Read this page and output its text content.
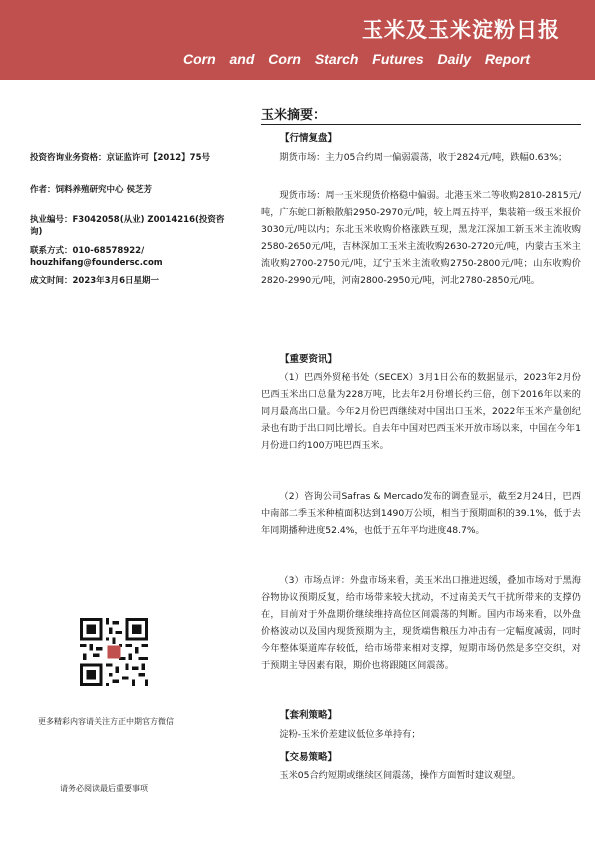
玉米及玉米淀粉日报
Corn and Corn Starch Futures Daily Report
投资咨询业务资格：京证监许可【2012】75号
作者：饲料养殖研究中心 侯芝芳
执业编号：F3042058(从业) Z0014216(投资咨询)
联系方式：010-68578922/ houzhifang@foundersc.com
成文时间：2023年3月6日星期一
更多精彩内容请关注方正中期官方微信
请务必阅读最后重要事项
玉米摘要：
【行情复盘】
期货市场：主力05合约周一偏弱震荡，收于2824元/吨，跌幅0.63%；
现货市场：周一玉米现货价格稳中偏弱。北港玉米二等收购2810-2815元/吨，广东蛇口新粮散船2950-2970元/吨，较上周五持平，集装箱一级玉米报价3030元/吨以内；东北玉米收购价格涨跌互现，黑龙江深加工新玉米主流收购2580-2650元/吨，吉林深加工玉米主流收购2630-2720元/吨，内蒙古玉米主流收购2700-2750元/吨，辽宁玉米主流收购2750-2800元/吨；山东收购价2820-2990元/吨，河南2800-2950元/吨，河北2780-2850元/吨。
【重要资讯】
（1）巴西外贸秘书处（SECEX）3月1日公布的数据显示，2023年2月份巴西玉米出口总量为228万吨，比去年2月份增长约三倍，创下2016年以来的同月最高出口量。今年2月份巴西继续对中国出口玉米，2022年玉米产量创纪录也有助于出口同比增长。自去年中国对巴西玉米开放市场以来，中国在今年1月份进口约100万吨巴西玉米。
（2）咨询公司Safras & Mercado发布的调查显示，截至2月24日，巴西中南部二季玉米种植面积达到1490万公顷，相当于预期面积的39.1%，低于去年同期播种进度52.4%，也低于五年平均进度48.7%。
（3）市场点评：外盘市场来看，美玉米出口推进迟缓，叠加市场对于黑海谷物协议预期反复，给市场带来较大扰动，不过南美天气干扰所带来的支撑仍在，目前对于外盘期价继续维持高位区间震荡的判断。国内市场来看，以外盘价格波动以及国内现货预期为主，现货端售粮压力冲击有一定幅度减弱，同时今年整体渠道库存较低，给市场带来相对支撑，短期市场仍然是多空交织，对于预期主导因素有限，期价也将跟随区间震荡。
【套利策略】
淀粉-玉米价差建议低位多单持有；
【交易策略】
玉米05合约短期或继续区间震荡，操作方面暂时建议观望。
